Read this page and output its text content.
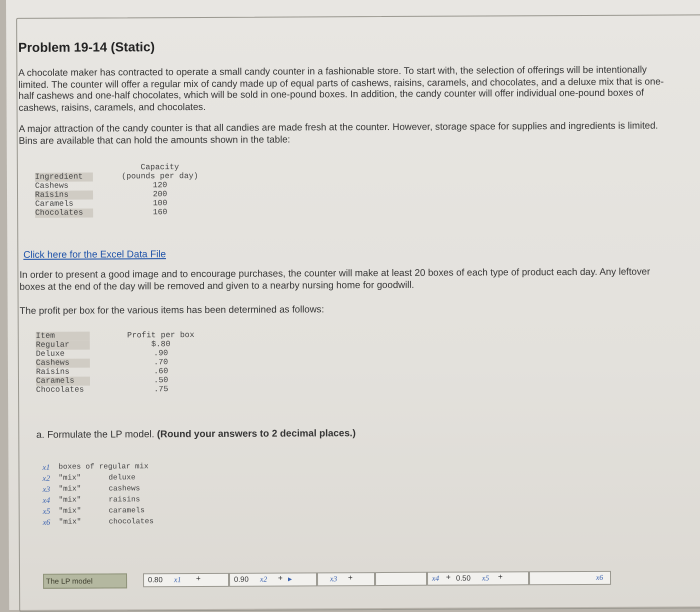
Problem 19-14 (Static)
A chocolate maker has contracted to operate a small candy counter in a fashionable store. To start with, the selection of offerings will be intentionally limited. The counter will offer a regular mix of candy made up of equal parts of cashews, raisins, caramels, and chocolates, and a deluxe mix that is one-half cashews and one-half chocolates, which will be sold in one-pound boxes. In addition, the candy counter will offer individual one-pound boxes of cashews, raisins, caramels, and chocolates.
A major attraction of the candy counter is that all candies are made fresh at the counter. However, storage space for supplies and ingredients is limited. Bins are available that can hold the amounts shown in the table:
Capacity
Ingredient	(pounds per day)
Cashews	120
Raisins	200
Caramels	100
Chocolates	160
Click here for the Excel Data File
In order to present a good image and to encourage purchases, the counter will make at least 20 boxes of each type of product each day. Any leftover boxes at the end of the day will be removed and given to a nearby nursing home for goodwill.
The profit per box for the various items has been determined as follows:
Item	Profit per box
Regular	$.80
Deluxe	.90
Cashews	.70
Raisins	.60
Caramels	.50
Chocolates	.75
a. Formulate the LP model. (Round your answers to 2 decimal places.)
x1	boxes of regular mix
x2	"mix"	deluxe
x3	"mix"	cashews
x4	"mix"	raisins
x5	"mix"	caramels
x6	"mix"	chocolates
The LP model	0.80 x1 +	0.90 x2 + ▸	x3 +	x4 + 0.50 x5 +	x6
